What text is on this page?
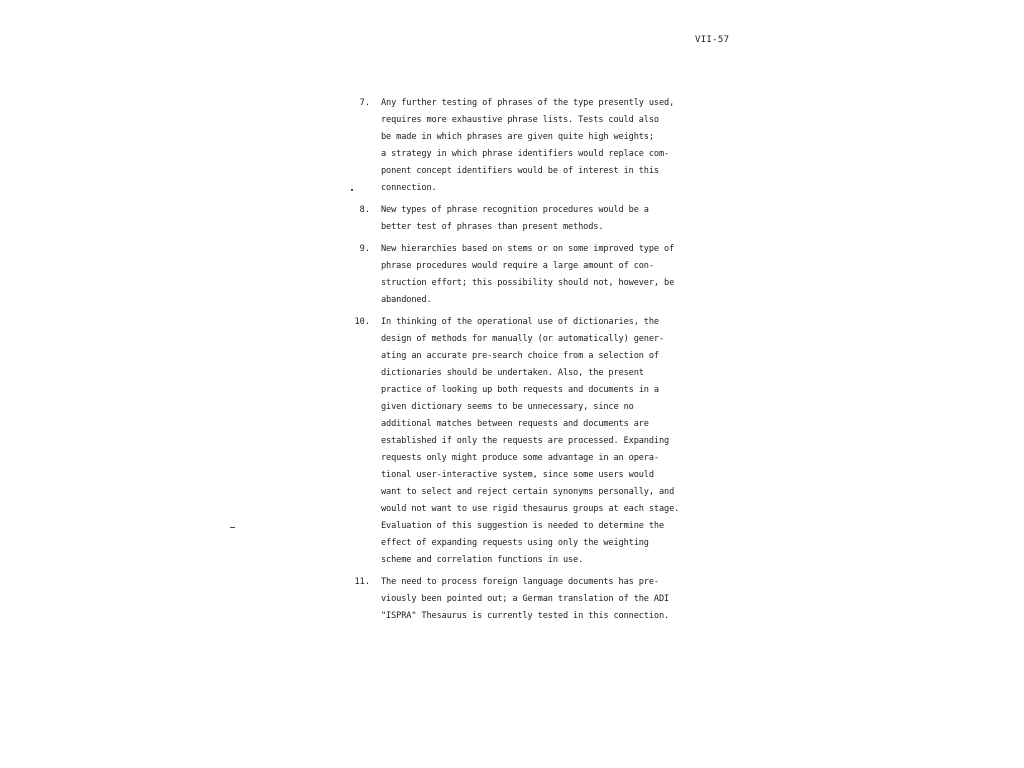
VII-57
7.	Any further testing of phrases of the type presently used,
requires more exhaustive phrase lists. Tests could also
be made in which phrases are given quite high weights;
a strategy in which phrase identifiers would replace com-
ponent concept identifiers would be of interest in this
connection.
8.	New types of phrase recognition procedures would be a
better test of phrases than present methods.
9.	New hierarchies based on stems or on some improved type of
phrase procedures would require a large amount of con-
struction effort; this possibility should not, however, be
abandoned.
10.	In thinking of the operational use of dictionaries, the
design of methods for manually (or automatically) gener-
ating an accurate pre-search choice from a selection of
dictionaries should be undertaken. Also, the present
practice of looking up both requests and documents in a
given dictionary seems to be unnecessary, since no
additional matches between requests and documents are
established if only the requests are processed. Expanding
requests only might produce some advantage in an opera-
tional user-interactive system, since some users would
want to select and reject certain synonyms personally, and
would not want to use rigid thesaurus groups at each stage.
Evaluation of this suggestion is needed to determine the
effect of expanding requests using only the weighting
scheme and correlation functions in use.
11.	The need to process foreign language documents has pre-
viously been pointed out; a German translation of the ADI
"ISPRA" Thesaurus is currently tested in this connection.
